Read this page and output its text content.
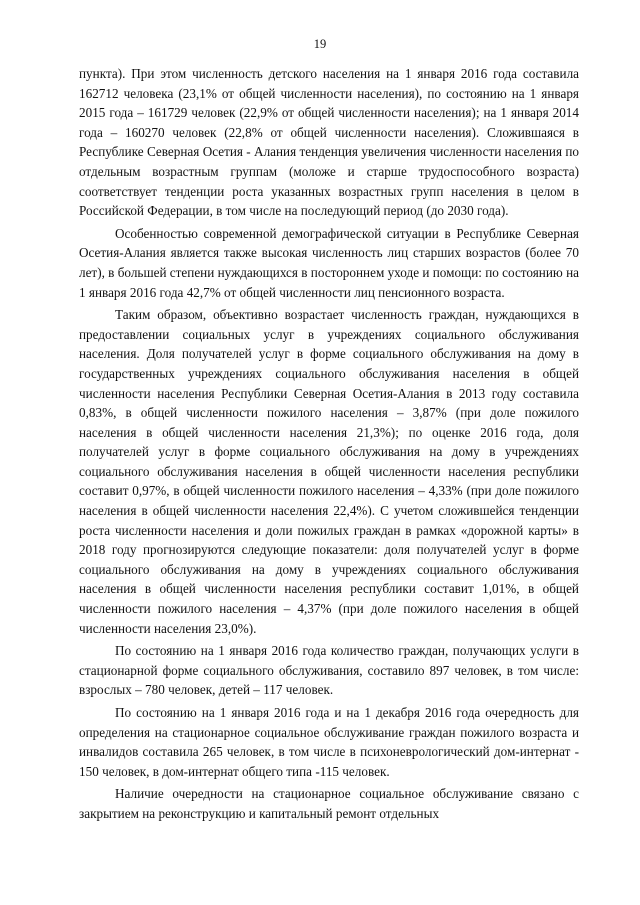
19

пункта). При этом численность детского населения на 1 января 2016 года составила 162712 человека (23,1% от общей численности населения), по состоянию на 1 января 2015 года – 161729 человек (22,9% от общей численности населения); на 1 января 2014 года – 160270 человек (22,8% от общей численности населения). Сложившаяся в Республике Северная Осетия - Алания тенденция увеличения численности населения по отдельным возрастным группам (моложе и старше трудоспособного возраста) соответствует тенденции роста указанных возрастных групп населения в целом в Российской Федерации, в том числе на последующий период (до 2030 года).

Особенностью современной демографической ситуации в Республике Северная Осетия-Алания является также высокая численность лиц старших возрастов (более 70 лет), в большей степени нуждающихся в постороннем уходе и помощи: по состоянию на 1 января 2016 года 42,7% от общей численности лиц пенсионного возраста.

Таким образом, объективно возрастает численность граждан, нуждающихся в предоставлении социальных услуг в учреждениях социального обслуживания населения. Доля получателей услуг в форме социального обслуживания на дому в государственных учреждениях социального обслуживания населения в общей численности населения Республики Северная Осетия-Алания в 2013 году составила 0,83%, в общей численности пожилого населения – 3,87% (при доле пожилого населения в общей численности населения 21,3%); по оценке 2016 года, доля получателей услуг в форме социального обслуживания на дому в учреждениях социального обслуживания населения в общей численности населения республики составит 0,97%, в общей численности пожилого населения – 4,33% (при доле пожилого населения в общей численности населения 22,4%). С учетом сложившейся тенденции роста численности населения и доли пожилых граждан в рамках «дорожной карты» в 2018 году прогнозируются следующие показатели: доля получателей услуг в форме социального обслуживания на дому в учреждениях социального обслуживания населения в общей численности населения республики составит 1,01%, в общей численности пожилого населения – 4,37% (при доле пожилого населения в общей численности населения 23,0%).

По состоянию на 1 января 2016 года количество граждан, получающих услуги в стационарной форме социального обслуживания, составило 897 человек, в том числе: взрослых – 780 человек, детей – 117 человек.

По состоянию на 1 января 2016 года и на 1 декабря 2016 года очередность для определения на стационарное социальное обслуживание граждан пожилого возраста и инвалидов составила 265 человек, в том числе в психоневрологический дом-интернат - 150 человек, в дом-интернат общего типа -115 человек.

Наличие очередности на стационарное социальное обслуживание связано с закрытием на реконструкцию и капитальный ремонт отдельных
